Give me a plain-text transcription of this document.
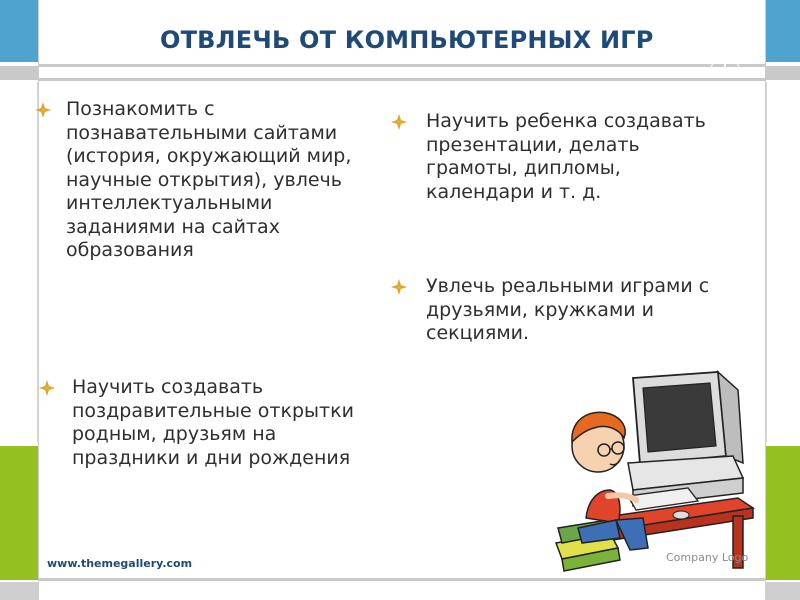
ОТВЛЕЧЬ ОТ КОМПЬЮТЕРНЫХ ИГР
Познакомить с познавательными сайтами (история, окружающий мир, научные открытия), увлечь интеллектуальными заданиями на сайтах образования
Научить ребенка создавать презентации, делать грамоты, дипломы, календари и т. д.
Увлечь реальными играми с друзьями, кружками и секциями.
Научить создавать поздравительные открытки родным, друзьям на праздники и дни рождения
www.themegallery.com	Company Logo
